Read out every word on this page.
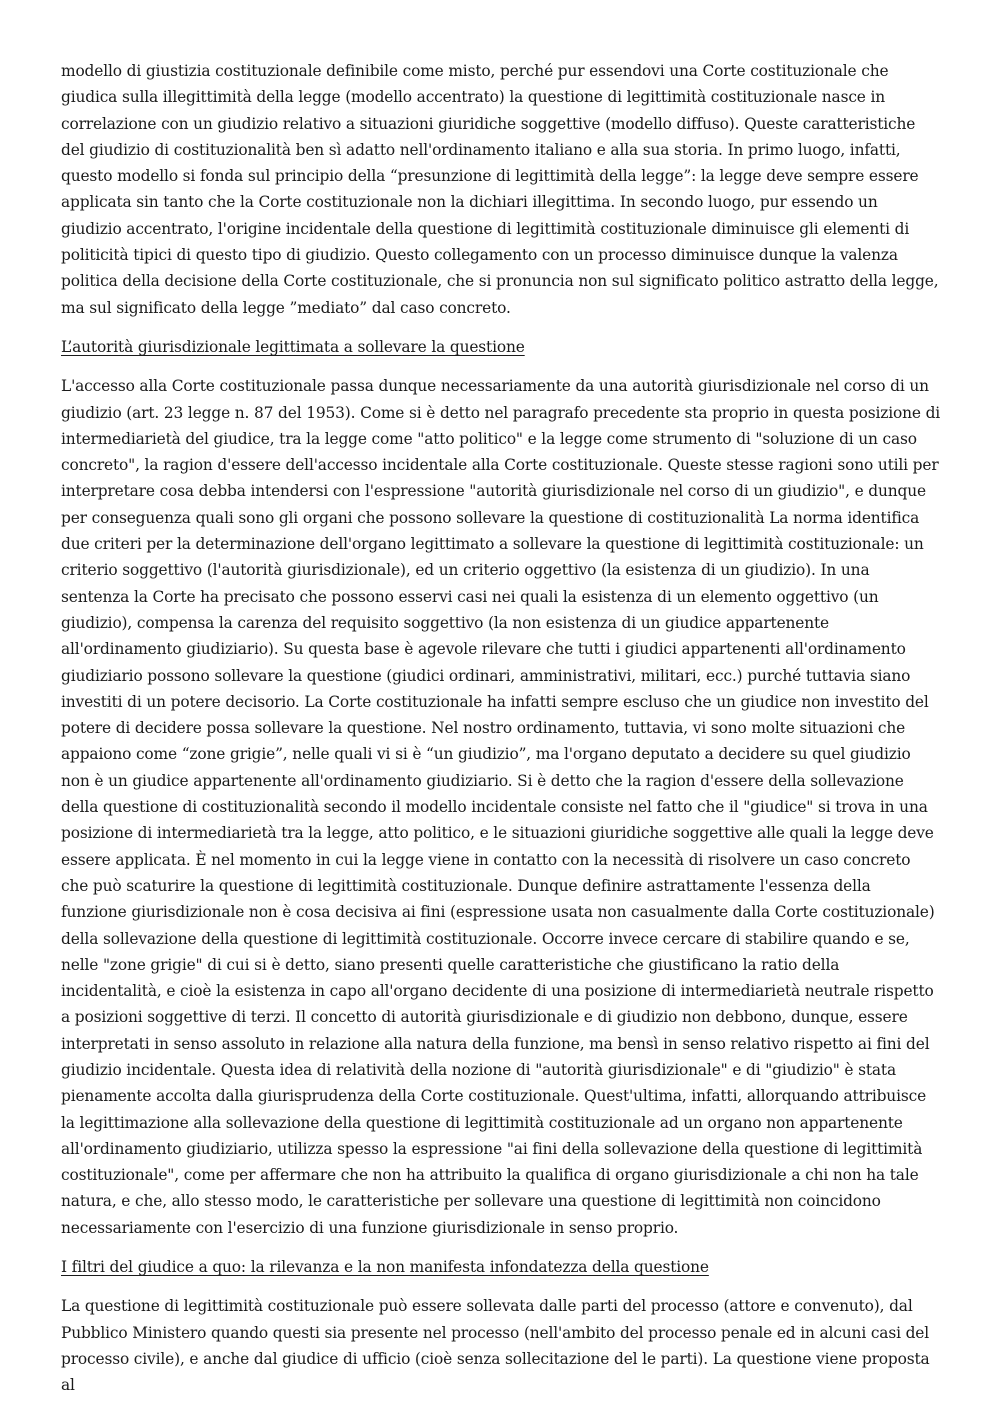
modello di giustizia costituzionale definibile come misto, perché pur essendovi una Corte costituzionale che giudica sulla illegittimità della legge (modello accentrato) la questione di legittimità costituzionale nasce in correlazione con un giudizio relativo a situazioni giuridiche soggettive (modello diffuso). Queste caratteristiche del giudizio di costituzionalità ben sì adatto nell'ordinamento italiano e alla sua storia. In primo luogo, infatti, questo modello si fonda sul principio della “presunzione di legittimità della legge”: la legge deve sempre essere applicata sin tanto che la Corte costituzionale non la dichiari illegittima. In secondo luogo, pur essendo un giudizio accentrato, l'origine incidentale della questione di legittimità costituzionale diminuisce gli elementi di politicità tipici di questo tipo di giudizio. Questo collegamento con un processo diminuisce dunque la valenza politica della decisione della Corte costituzionale, che si pronuncia non sul significato politico astratto della legge, ma sul significato della legge ”mediato” dal caso concreto.

L’autorità giurisdizionale legittimata a sollevare la questione

L'accesso alla Corte costituzionale passa dunque necessariamente da una autorità giurisdizionale nel corso di un giudizio (art. 23 legge n. 87 del 1953). Come si è detto nel paragrafo precedente sta proprio in questa posizione di intermediarietà del giudice, tra la legge come "atto politico" e la legge come strumento di "soluzione di un caso concreto", la ragion d'essere dell'accesso incidentale alla Corte costituzionale. Queste stesse ragioni sono utili per interpretare cosa debba intendersi con l'espressione "autorità giurisdizionale nel corso di un giudizio", e dunque per conseguenza quali sono gli organi che possono sollevare la questione di costituzionalità La norma identifica due criteri per la determinazione dell'organo legittimato a sollevare la questione di legittimità costituzionale: un criterio soggettivo (l'autorità giurisdizionale), ed un criterio oggettivo (la esistenza di un giudizio). In una sentenza la Corte ha precisato che possono esservi casi nei quali la esistenza di un elemento oggettivo (un giudizio), compensa la carenza del requisito soggettivo (la non esistenza di un giudice appartenente all'ordinamento giudiziario). Su questa base è agevole rilevare che tutti i giudici appartenenti all'ordinamento giudiziario possono sollevare la questione (giudici ordinari, amministrativi, militari, ecc.) purché tuttavia siano investiti di un potere decisorio. La Corte costituzionale ha infatti sempre escluso che un giudice non investito del potere di decidere possa sollevare la questione. Nel nostro ordinamento, tuttavia, vi sono molte situazioni che appaiono come “zone grigie”, nelle quali vi si è “un giudizio”, ma l'organo deputato a decidere su quel giudizio non è un giudice appartenente all'ordinamento giudiziario. Si è detto che la ragion d'essere della sollevazione della questione di costituzionalità secondo il modello incidentale consiste nel fatto che il "giudice" si trova in una posizione di intermediarietà tra la legge, atto politico, e le situazioni giuridiche soggettive alle quali la legge deve essere applicata. È nel momento in cui la legge viene in contatto con la necessità di risolvere un caso concreto che può scaturire la questione di legittimità costituzionale. Dunque definire astrattamente l'essenza della funzione giurisdizionale non è cosa decisiva ai fini (espressione usata non casualmente dalla Corte costituzionale) della sollevazione della questione di legittimità costituzionale. Occorre invece cercare di stabilire quando e se, nelle "zone grigie" di cui si è detto, siano presenti quelle caratteristiche che giustificano la ratio della incidentalità, e cioè la esistenza in capo all'organo decidente di una posizione di intermediarietà neutrale rispetto a posizioni soggettive di terzi. Il concetto di autorità giurisdizionale e di giudizio non debbono, dunque, essere interpretati in senso assoluto in relazione alla natura della funzione, ma bensì in senso relativo rispetto ai fini del giudizio incidentale. Questa idea di relatività della nozione di "autorità giurisdizionale" e di "giudizio" è stata pienamente accolta dalla giurisprudenza della Corte costituzionale. Quest'ultima, infatti, allorquando attribuisce la legittimazione alla sollevazione della questione di legittimità costituzionale ad un organo non appartenente all'ordinamento giudiziario, utilizza spesso la espressione "ai fini della sollevazione della questione di legittimità costituzionale", come per affermare che non ha attribuito la qualifica di organo giurisdizionale a chi non ha tale natura, e che, allo stesso modo, le caratteristiche per sollevare una questione di legittimità non coincidono necessariamente con l'esercizio di una funzione giurisdizionale in senso proprio.

I filtri del giudice a quo: la rilevanza e la non manifesta infondatezza della questione

La questione di legittimità costituzionale può essere sollevata dalle parti del processo (attore e convenuto), dal Pubblico Ministero quando questi sia presente nel processo (nell'ambito del processo penale ed in alcuni casi del processo civile), e anche dal giudice di ufficio (cioè senza sollecitazione del le parti). La questione viene proposta al
